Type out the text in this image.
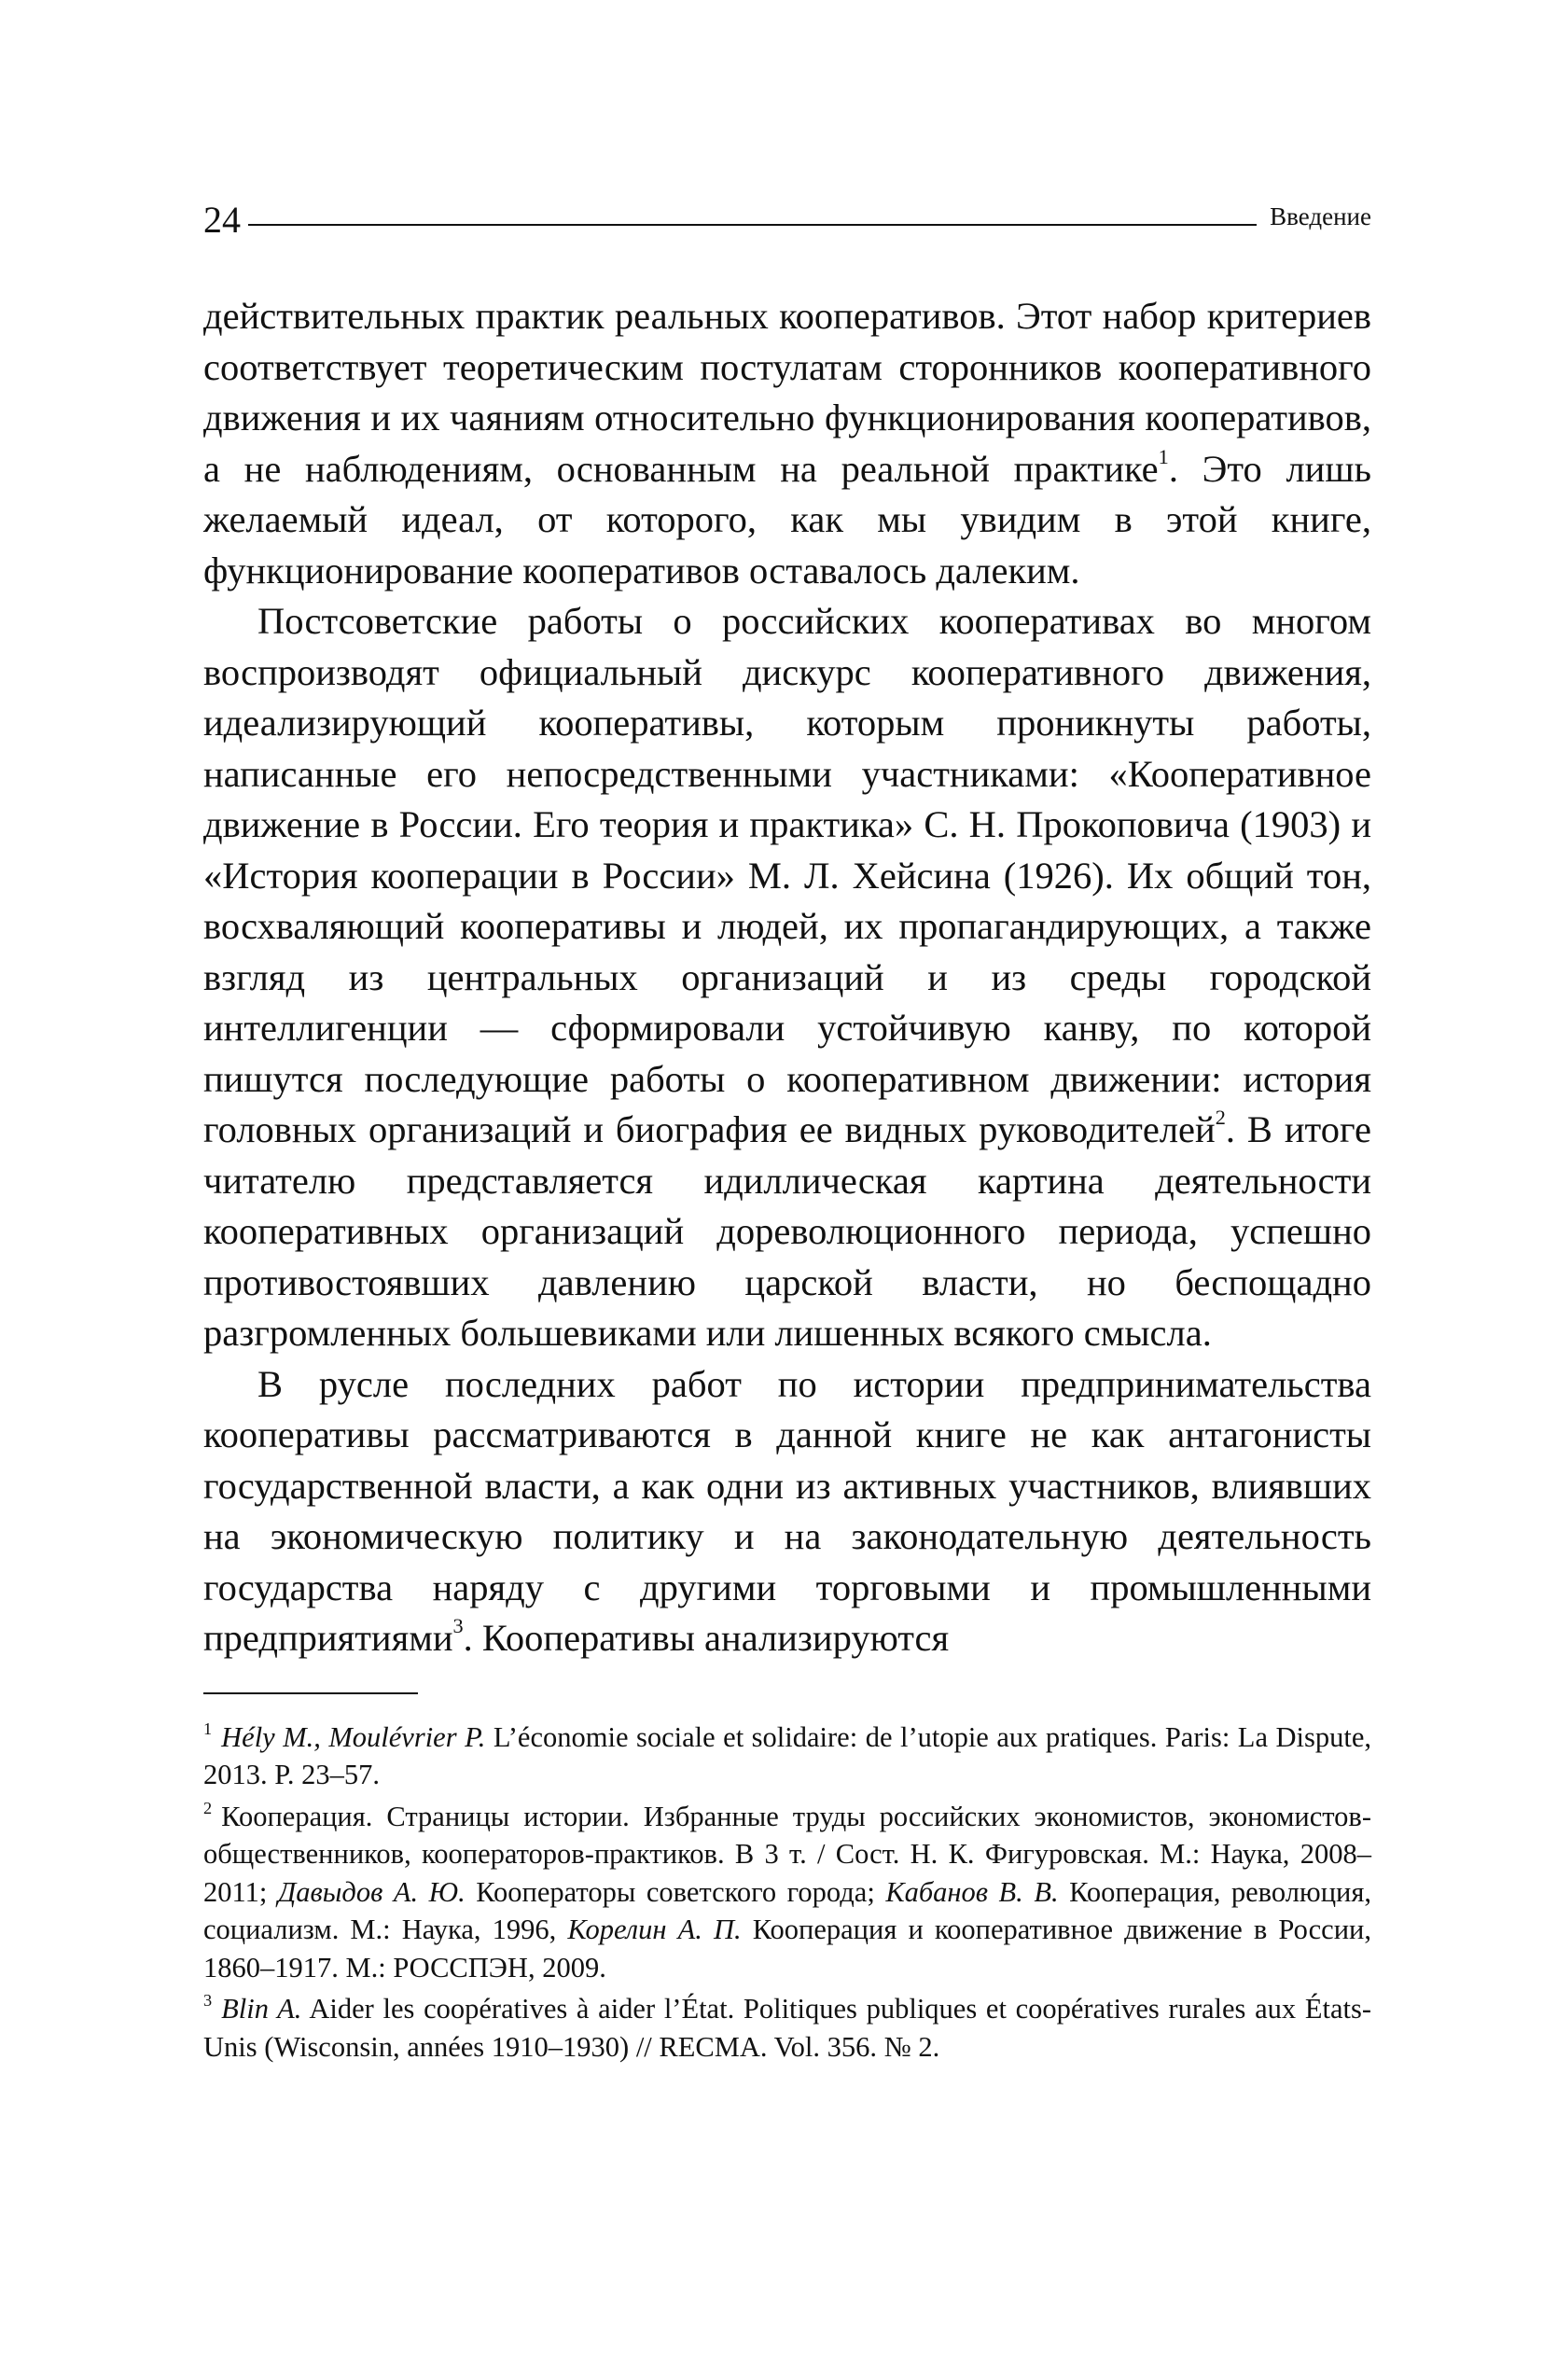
24	Введение

действительных практик реальных кооперативов. Этот набор критериев соответствует теоретическим постулатам сторонников кооперативного движения и их чаяниям относительно функционирования кооперативов, а не наблюдениям, основанным на реальной практике$^1$. Это лишь желаемый идеал, от которого, как мы увидим в этой книге, функционирование кооперативов оставалось далеким.

Постсоветские работы о российских кооперативах во многом воспроизводят официальный дискурс кооперативного движения, идеализирующий кооперативы, которым проникнуты работы, написанные его непосредственными участниками: «Кооперативное движение в России. Его теория и практика» С. Н. Прокоповича (1903) и «История кооперации в России» М. Л. Хейсина (1926). Их общий тон, восхваляющий кооперативы и людей, их пропагандирующих, а также взгляд из центральных организаций и из среды городской интеллигенции — сформировали устойчивую канву, по которой пишутся последующие работы о кооперативном движении: история головных организаций и биография ее видных руководителей$^2$. В итоге читателю представляется идиллическая картина деятельности кооперативных организаций дореволюционного периода, успешно противостоявших давлению царской власти, но беспощадно разгромленных большевиками или лишенных всякого смысла.

В русле последних работ по истории предпринимательства кооперативы рассматриваются в данной книге не как антагонисты государственной власти, а как одни из активных участников, влиявших на экономическую политику и на законодательную деятельность государства наряду с другими торговыми и промышленными предприятиями$^3$. Кооперативы анализируются

$^1$ Hély M., Moulévrier P. L’économie sociale et solidaire: de l’utopie aux pratiques. Paris: La Dispute, 2013. P. 23–57.

$^2$ Кооперация. Страницы истории. Избранные труды российских экономистов, экономистов-общественников, кооператоров-практиков. В 3 т. / Сост. Н. К. Фигуровская. М.: Наука, 2008–2011; Давыдов А. Ю. Кооператоры советского города; Кабанов В. В. Кооперация, революция, социализм. М.: Наука, 1996, Корелин А. П. Кооперация и кооперативное движение в России, 1860–1917. М.: РОССПЭН, 2009.

$^3$ Blin A. Aider les coopératives à aider l’État. Politiques publiques et coopératives rurales aux États-Unis (Wisconsin, années 1910–1930) // RECMA. Vol. 356. № 2.
